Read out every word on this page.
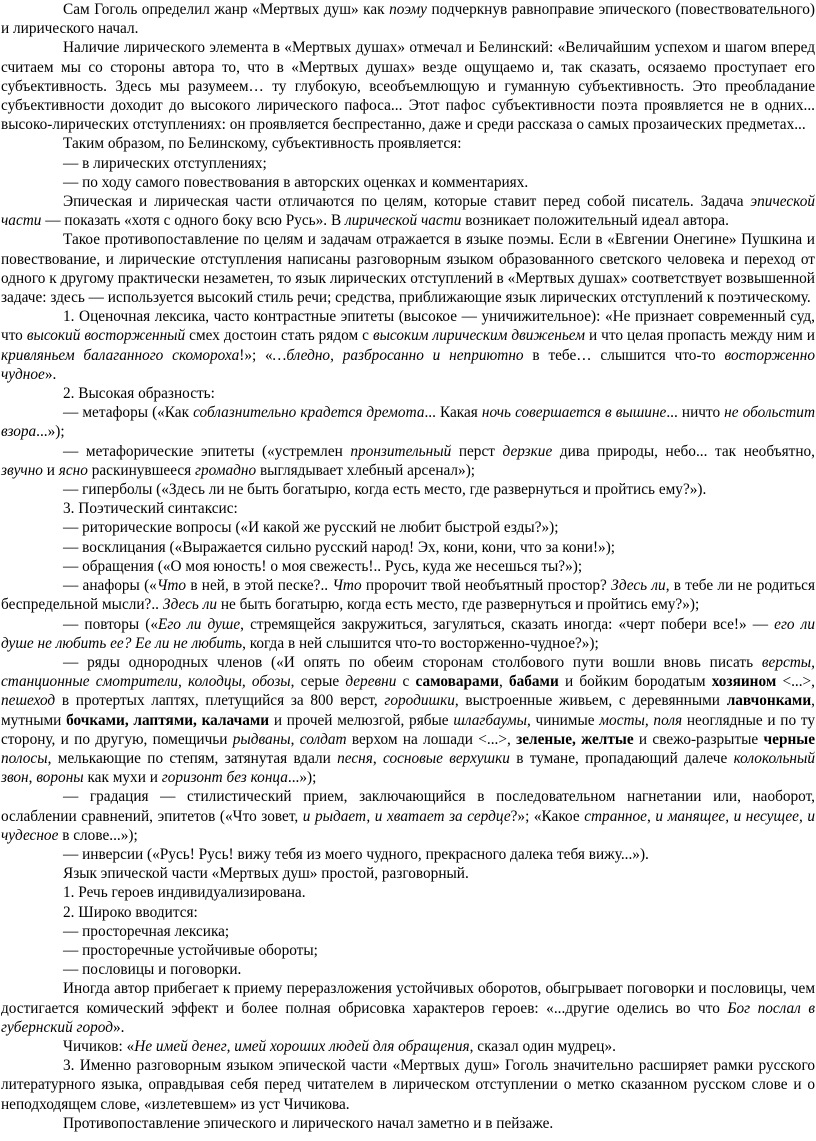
Сам Гоголь определил жанр «Мертвых душ» как поэму подчеркнув равноправие эпического (повествовательного) и лирического начал.

Наличие лирического элемента в «Мертвых душах» отмечал и Белинский: «Величайшим успехом и шагом вперед считаем мы со стороны автора то, что в «Мертвых душах» везде ощущаемо и, так сказать, осязаемо проступает его субъективность. Здесь мы разумеем… ту глубокую, всеобъемлющую и гуманную субъективность. Это преобладание субъективности доходит до высокого лирического пафоса... Этот пафос субъективности поэта проявляется не в одних... высоко-лирических отступлениях: он проявляется беспрестанно, даже и среди рассказа о самых прозаических предметах...

Таким образом, по Белинскому, субъективность проявляется:

— в лирических отступлениях;

— по ходу самого повествования в авторских оценках и комментариях.

Эпическая и лирическая части отличаются по целям, которые ставит перед собой писатель. Задача эпической части — показать «хотя с одного боку всю Русь». В лирической части возникает положительный идеал автора.

Такое противопоставление по целям и задачам отражается в языке поэмы. Если в «Евгении Онегине» Пушкина и повествование, и лирические отступления написаны разговорным языком образованного светского человека и переход от одного к другому практически незаметен, то язык лирических отступлений в «Мертвых душах» соответствует возвышенной задаче: здесь — используется высокий стиль речи; средства, приближающие язык лирических отступлений к поэтическому.

1. Оценочная лексика, часто контрастные эпитеты (высокое — уничижительное): «Не признает современный суд, что высокий восторженный смех достоин стать рядом с высоким лирическим движеньем и что целая пропасть между ним и кривляньем балаганного скомороха!»; «…бледно, разбросанно и неприютно в тебе… слышится что-то восторженно чудное».

2. Высокая образность:

— метафоры («Как соблазнительно крадется дремота... Какая ночь совершается в вышине... ничто не обольстит взора...»);

— метафорические эпитеты («устремлен пронзительный перст дерзкие дива природы, небо... так необъятно, звучно и ясно раскинувшееся громадно выглядывает хлебный арсенал»);

— гиперболы («Здесь ли не быть богатырю, когда есть место, где развернуться и пройтись ему?»).

3. Поэтический синтаксис:

— риторические вопросы («И какой же русский не любит быстрой езды?»);

— восклицания («Выражается сильно русский народ! Эх, кони, кони, что за кони!»);

— обращения («О моя юность! о моя свежесть!.. Русь, куда же несешься ты?»);

— анафоры («Что в ней, в этой песке?.. Что пророчит твой необъятный простор? Здесь ли, в тебе ли не родиться беспредельной мысли?.. Здесь ли не быть богатырю, когда есть место, где развернуться и пройтись ему?»);

— повторы («Его ли душе, стремящейся закружиться, загуляться, сказать иногда: «черт побери все!» — его ли душе не любить ее? Ее ли не любить, когда в ней слышится что-то восторженно-чудное?»);

— ряды однородных членов («И опять по обеим сторонам столбового пути вошли вновь писать версты, станционные смотрители, колодцы, обозы, серые деревни с самоварами, бабами и бойким бородатым хозяином <...>, пешеход в протертых лаптях, плетущийся за 800 верст, городишки, выстроенные живьем, с деревянными лавчонками, мутными бочками, лаптями, калачами и прочей мелюзгой, рябые шлагбаумы, чинимые мосты, поля неоглядные и по ту сторону, и по другую, помещичьи рыдваны, солдат верхом на лошади <...>, зеленые, желтые и свежо-разрытые черные полосы, мелькающие по степям, затянутая вдали песня, сосновые верхушки в тумане, пропадающий далече колокольный звон, вороны как мухи и горизонт без конца...»);

— градация — стилистический прием, заключающийся в последовательном нагнетании или, наоборот, ослаблении сравнений, эпитетов («Что зовет, и рыдает, и хватает за сердце?»; «Какое странное, и манящее, и несущее, и чудесное в слове...»);

— инверсии («Русь! Русь! вижу тебя из моего чудного, прекрасного далека тебя вижу...»).

Язык эпической части «Мертвых душ» простой, разговорный.

1. Речь героев индивидуализирована.

2. Широко вводится:

— просторечная лексика;

— просторечные устойчивые обороты;

— пословицы и поговорки.

Иногда автор прибегает к приему переразложения устойчивых оборотов, обыгрывает поговорки и пословицы, чем достигается комический эффект и более полная обрисовка характеров героев: «...другие оделись во что Бог послал в губернский город».

Чичиков: «Не имей денег, имей хороших людей для обращения, сказал один мудрец».

3. Именно разговорным языком эпической части «Мертвых душ» Гоголь значительно расширяет рамки русского литературного языка, оправдывая себя перед читателем в лирическом отступлении о метко сказанном русском слове и о неподходящем слове, «излетевшем» из уст Чичикова.

Противопоставление эпического и лирического начал заметно и в пейзаже.
